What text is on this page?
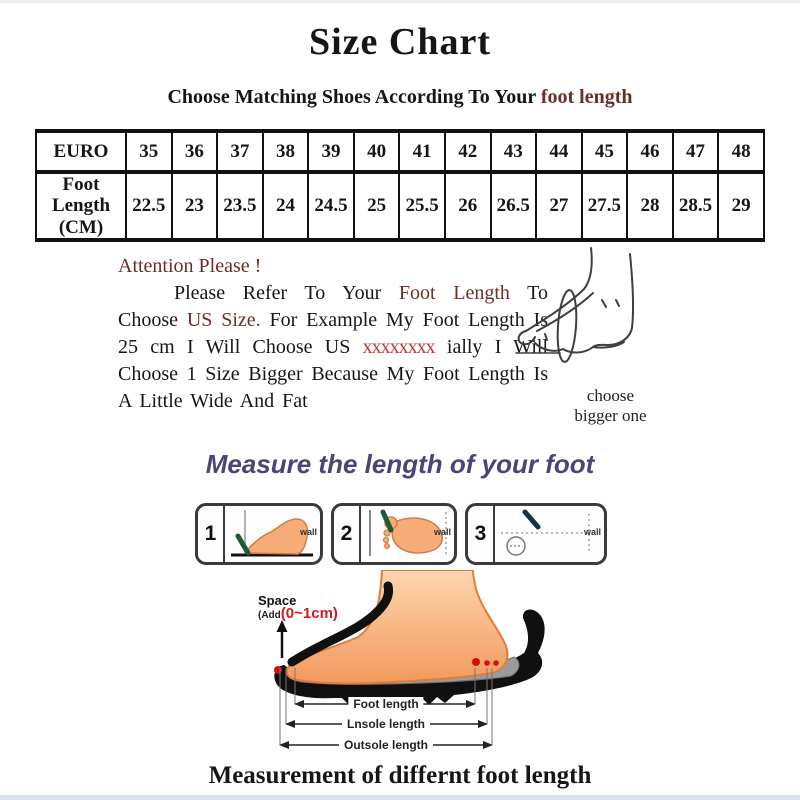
Size Chart
Choose Matching Shoes According To Your foot length
EURO	35	36	37	38	39	40	41	42	43	44	45	46	47	48
Foot Length (CM)	22.5	23	23.5	24	24.5	25	25.5	26	26.5	27	27.5	28	28.5	29
Attention Please !

Please Refer To Your Foot Length To Choose US Size. For Example My Foot Length Is 25 cm I Will Choose US xxxxxxxx ially I Will Choose 1 Size Bigger Because My Foot Length Is A Little Wide And Fat	choose
bigger one
Measure the length of your foot
1	wall	2	wall	3	wall
Space
(Add(0~1cm)
Foot length
Lnsole length
Outsole length
Measurement of differnt foot length
